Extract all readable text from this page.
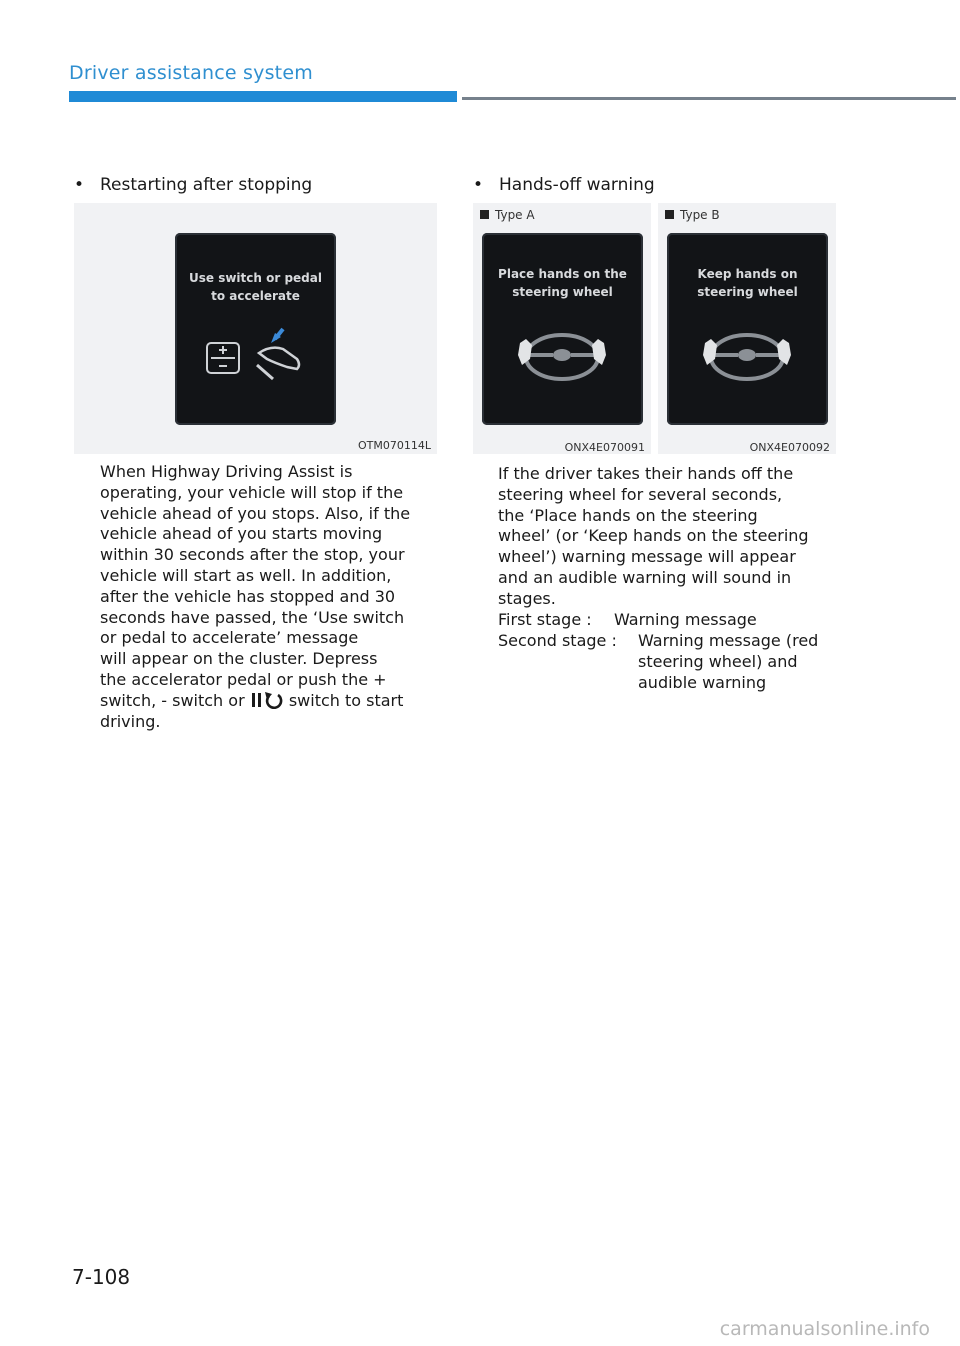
Driver assistance system
• Restarting after stopping
Use switch or pedal
to accelerate
OTM070114L
When Highway Driving Assist is
operating, your vehicle will stop if the
vehicle ahead of you stops. Also, if the
vehicle ahead of you starts moving
within 30 seconds after the stop, your
vehicle will start as well. In addition,
after the vehicle has stopped and 30
seconds have passed, the ‘Use switch
or pedal to accelerate’ message
will appear on the cluster. Depress
the accelerator pedal or push the +
switch, - switch or	switch to start
driving.
• Hands-off warning
Type A
Place hands on the
steering wheel
ONX4E070091
Type B
Keep hands on
steering wheel
ONX4E070092
If the driver takes their hands off the
steering wheel for several seconds,
the ‘Place hands on the steering
wheel’ (or ‘Keep hands on the steering
wheel’) warning message will appear
and an audible warning will sound in
stages.
First stage : Warning message
Second stage : Warning message (red
steering wheel) and
audible warning
7-108
carmanualsonline.info
